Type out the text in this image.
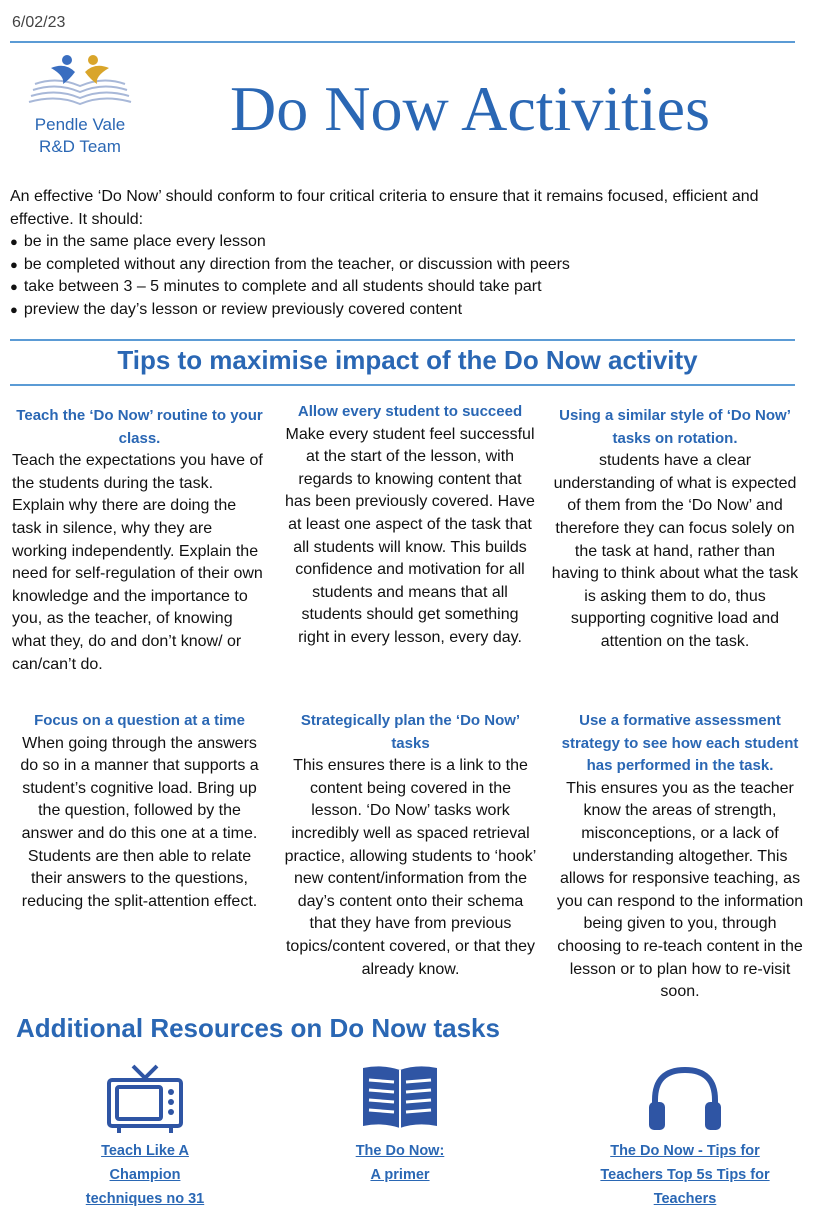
6/02/23
Pendle Vale
R&D Team
Do Now Activities

An effective ‘Do Now’ should conform to four critical criteria to ensure that it remains focused, efficient and effective. It should:

● be in the same place every lesson
● be completed without any direction from the teacher, or discussion with peers
● take between 3 – 5 minutes to complete and all students should take part
● preview the day’s lesson or review previously covered content
Tips to maximise impact of the Do Now activity
Teach the ‘Do Now’ routine to your class.
Teach the expectations you have of the students during the task. Explain why there are doing the task in silence, why they are working independently. Explain the need for self-regulation of their own knowledge and the importance to you, as the teacher, of knowing what they, do and don’t know/ or can/can’t do.
Allow every student to succeed
Make every student feel successful at the start of the lesson, with regards to knowing content that has been previously covered. Have at least one aspect of the task that all students will know. This builds confidence and motivation for all students and means that all students should get something right in every lesson, every day.
Using a similar style of ‘Do Now’ tasks on rotation.
students have a clear understanding of what is expected of them from the ‘Do Now’ and therefore they can focus solely on the task at hand, rather than having to think about what the task is asking them to do, thus supporting cognitive load and attention on the task.
Focus on a question at a time
When going through the answers do so in a manner that supports a student’s cognitive load. Bring up the question, followed by the answer and do this one at a time. Students are then able to relate their answers to the questions, reducing the split-attention effect.
Strategically plan the ‘Do Now’ tasks
This ensures there is a link to the content being covered in the lesson. ‘Do Now’ tasks work incredibly well as spaced retrieval practice, allowing students to ‘hook’ new content/information from the day’s content onto their schema that they have from previous topics/content covered, or that they already know.
Use a formative assessment strategy to see how each student has performed in the task.
This ensures you as the teacher know the areas of strength, misconceptions, or a lack of understanding altogether. This allows for responsive teaching, as you can respond to the information being given to you, through choosing to re-teach content in the lesson or to plan how to re-visit soon.
Additional Resources on Do Now tasks
Teach Like A Champion techniques no 31
The Do Now: A primer
The Do Now - Tips for Teachers Top 5s Tips for Teachers
